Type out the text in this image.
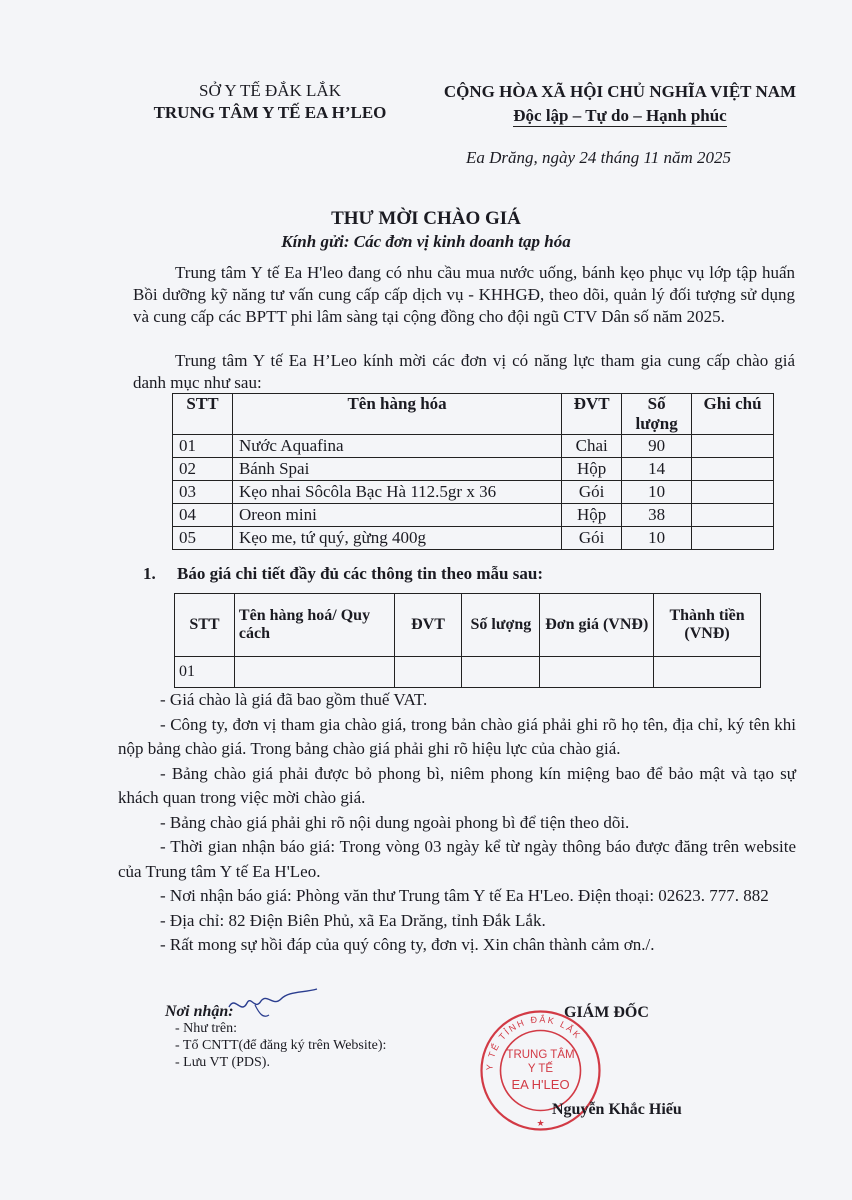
SỞ Y TẾ ĐẮK LẮK
TRUNG TÂM Y TẾ EA H’LEO
CỘNG HÒA XÃ HỘI CHỦ NGHĨA VIỆT NAM
Độc lập – Tự do – Hạnh phúc
Ea Drăng, ngày 24 tháng 11 năm 2025
THƯ MỜI CHÀO GIÁ
Kính gửi: Các đơn vị kinh doanh tạp hóa
Trung tâm Y tế Ea H'leo đang có nhu cầu mua nước uống, bánh kẹo phục vụ lớp tập huấn Bồi dưỡng kỹ năng tư vấn cung cấp cấp dịch vụ - KHHGĐ, theo dõi, quản lý đối tượng sử dụng và cung cấp các BPTT phi lâm sàng tại cộng đồng cho đội ngũ CTV Dân số năm 2025.
Trung tâm Y tế Ea H’Leo kính mời các đơn vị có năng lực tham gia cung cấp chào giá danh mục như sau:
STT	Tên hàng hóa	ĐVT	Số lượng	Ghi chú
01	Nước Aquafina	Chai	90	
02	Bánh Spai	Hộp	14	
03	Kẹo nhai Sôcôla Bạc Hà 112.5gr x 36	Gói	10	
04	Oreon mini	Hộp	38	
05	Kẹo me, tứ quý, gừng 400g	Gói	10	
1. Báo giá chi tiết đầy đủ các thông tin theo mẫu sau:
STT	Tên hàng hoá/ Quy cách	ĐVT	Số lượng	Đơn giá (VNĐ)	Thành tiền (VNĐ)
01					

- Giá chào là giá đã bao gồm thuế VAT.

- Công ty, đơn vị tham gia chào giá, trong bản chào giá phải ghi rõ họ tên, địa chỉ, ký tên khi nộp bảng chào giá. Trong bảng chào giá phải ghi rõ hiệu lực của chào giá.

- Bảng chào giá phải được bỏ phong bì, niêm phong kín miệng bao để bảo mật và tạo sự khách quan trong việc mời chào giá.

- Bảng chào giá phải ghi rõ nội dung ngoài phong bì để tiện theo dõi.

- Thời gian nhận báo giá: Trong vòng 03 ngày kể từ ngày thông báo được đăng trên website của Trung tâm Y tế Ea H'Leo.

- Nơi nhận báo giá: Phòng văn thư Trung tâm Y tế Ea H'Leo. Điện thoại: 02623. 777. 882

- Địa chỉ: 82 Điện Biên Phủ, xã Ea Drăng, tỉnh Đắk Lắk.

- Rất mong sự hồi đáp của quý công ty, đơn vị. Xin chân thành cảm ơn./.

Nơi nhận:
- Như trên:
- Tổ CNTT(để đăng ký trên Website):
- Lưu VT (PDS).	Y TẾ TỈNH ĐẮK LẮK
TRUNG TÂM
Y TẾ
EA H'LEO
★
GIÁM ĐỐC
Nguyễn Khắc Hiếu
